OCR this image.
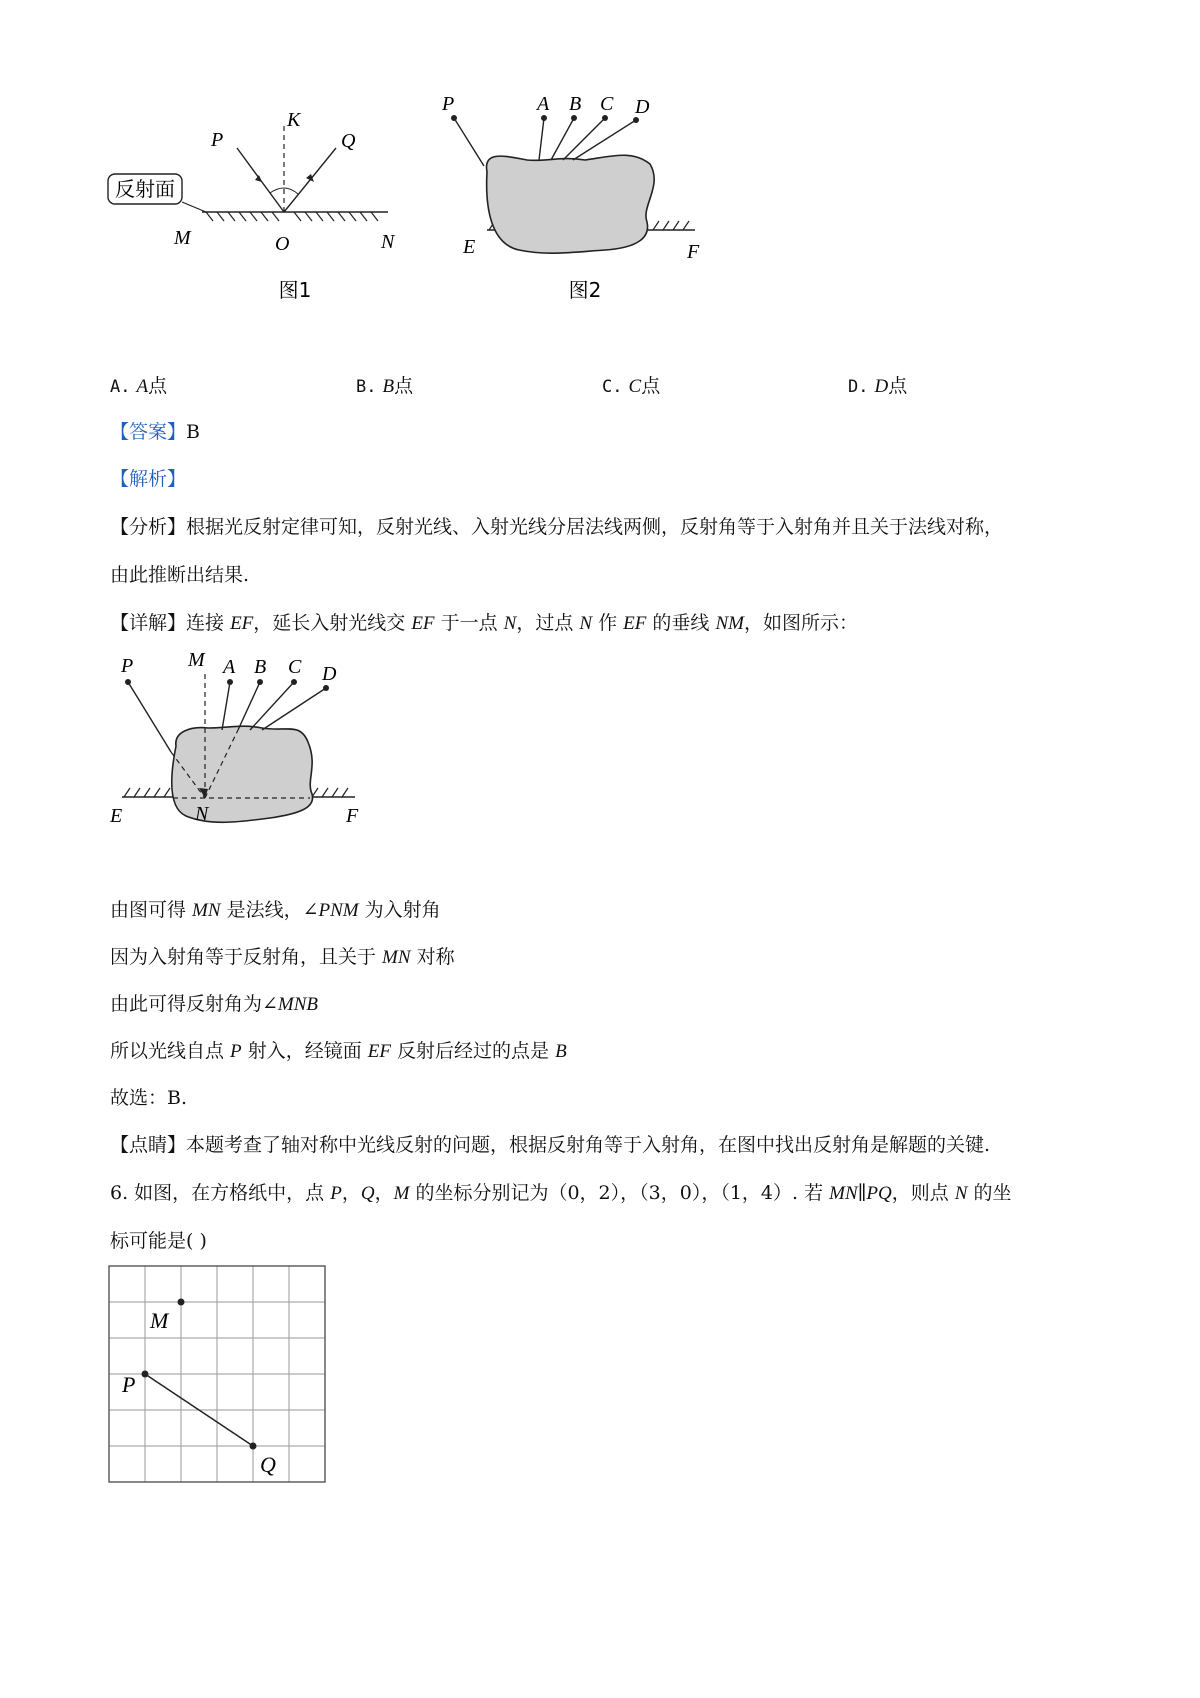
反射面
P
K
Q
M	O	N
图1
P	A B C D
E	F
图2
A. A点	B. B点	C. C点	D. D点
【答案】B
【解析】
【分析】根据光反射定律可知，反射光线、入射光线分居法线两侧，反射角等于入射角并且关于法线对称，
由此推断出结果.
【详解】连接 EF，延长入射光线交 EF 于一点 N，过点 N 作 EF 的垂线 NM，如图所示：
P	M A B C D
E	N	F
由图可得 MN 是法线，∠PNM 为入射角
因为入射角等于反射角，且关于 MN 对称
由此可得反射角为∠MNB
所以光线自点 P 射入，经镜面 EF 反射后经过的点是 B
故选：B.
【点睛】本题考查了轴对称中光线反射的问题，根据反射角等于入射角，在图中找出反射角是解题的关键.
6. 如图，在方格纸中，点 P，Q，M 的坐标分别记为（0，2），（3，0），（1，4）. 若 MN∥PQ，则点 N 的坐
标可能是( )
M
P
Q
